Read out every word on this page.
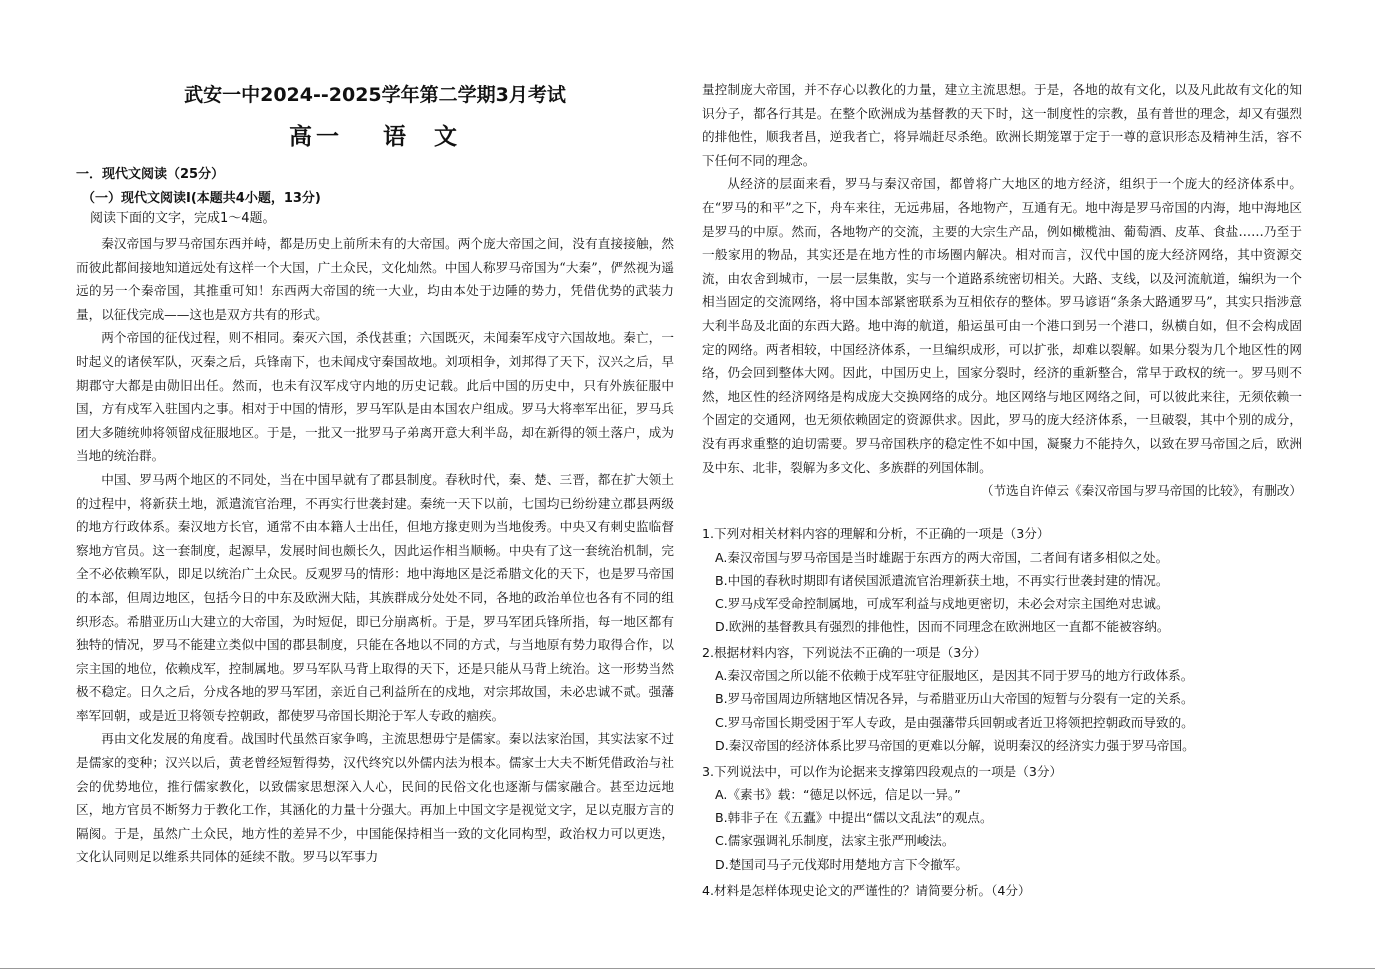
武安一中2024--2025学年第二学期3月考试
高一 语  文
一．现代文阅读（25分）
（一）现代文阅读Ⅰ(本题共4小题，13分)
阅读下面的文字，完成1～4题。

秦汉帝国与罗马帝国东西并峙，都是历史上前所未有的大帝国。两个庞大帝国之间，没有直接接触，然而彼此都间接地知道远处有这样一个大国，广土众民，文化灿然。中国人称罗马帝国为“大秦”，俨然视为遥远的另一个秦帝国，其推重可知！东西两大帝国的统一大业，均由本处于边陲的势力，凭借优势的武装力量，以征伐完成——这也是双方共有的形式。

两个帝国的征伐过程，则不相同。秦灭六国，杀伐甚重；六国既灭，未闻秦军戍守六国故地。秦亡，一时起义的诸侯军队，灭秦之后，兵锋南下，也未闻戍守秦国故地。刘项相争，刘邦得了天下，汉兴之后，早期郡守大都是由勋旧出任。然而，也未有汉军戍守内地的历史记载。此后中国的历史中，只有外族征服中国，方有戍军入驻国内之事。相对于中国的情形，罗马军队是由本国农户组成。罗马大将率军出征，罗马兵团大多随统帅将领留戍征服地区。于是，一批又一批罗马子弟离开意大利半岛，却在新得的领土落户，成为当地的统治群。

中国、罗马两个地区的不同处，当在中国早就有了郡县制度。春秋时代，秦、楚、三晋，都在扩大领土的过程中，将新获土地，派遣流官治理，不再实行世袭封建。秦统一天下以前，七国均已纷纷建立郡县两级的地方行政体系。秦汉地方长官，通常不由本籍人士出任，但地方掾吏则为当地俊秀。中央又有刺史监临督察地方官员。这一套制度，起源早，发展时间也颇长久，因此运作相当顺畅。中央有了这一套统治机制，完全不必依赖军队，即足以统治广土众民。反观罗马的情形：地中海地区是泛希腊文化的天下，也是罗马帝国的本部，但周边地区，包括今日的中东及欧洲大陆，其族群成分处处不同，各地的政治单位也各有不同的组织形态。希腊亚历山大建立的大帝国，为时短促，即已分崩离析。于是，罗马军团兵锋所指，每一地区都有独特的情况，罗马不能建立类似中国的郡县制度，只能在各地以不同的方式，与当地原有势力取得合作，以宗主国的地位，依赖戍军，控制属地。罗马军队马背上取得的天下，还是只能从马背上统治。这一形势当然极不稳定。日久之后，分戍各地的罗马军团，亲近自己利益所在的戍地，对宗邦故国，未必忠诚不贰。强藩率军回朝，或是近卫将领专控朝政，都使罗马帝国长期沦于军人专政的痼疾。

再由文化发展的角度看。战国时代虽然百家争鸣，主流思想毋宁是儒家。秦以法家治国，其实法家不过是儒家的变种；汉兴以后，黄老曾经短暂得势，汉代终究以外儒内法为根本。儒家士大夫不断凭借政治与社会的优势地位，推行儒家教化，以致儒家思想深入人心，民间的民俗文化也逐渐与儒家融合。甚至边远地区，地方官员不断努力于教化工作，其涵化的力量十分强大。再加上中国文字是视觉文字，足以克服方言的隔阂。于是，虽然广土众民，地方性的差异不少，中国能保持相当一致的文化同构型，政治权力可以更迭，文化认同则足以维系共同体的延续不散。罗马以军事力

量控制庞大帝国，并不存心以教化的力量，建立主流思想。于是，各地的故有文化，以及凡此故有文化的知识分子，都各行其是。在整个欧洲成为基督教的天下时，这一制度性的宗教，虽有普世的理念，却又有强烈的排他性，顺我者昌，逆我者亡，将异端赶尽杀绝。欧洲长期笼罩于定于一尊的意识形态及精神生活，容不下任何不同的理念。

从经济的层面来看，罗马与秦汉帝国，都曾将广大地区的地方经济，组织于一个庞大的经济体系中。在“罗马的和平”之下，舟车来往，无远弗届，各地物产，互通有无。地中海是罗马帝国的内海，地中海地区是罗马的中原。然而，各地物产的交流，主要的大宗生产品，例如橄榄油、葡萄酒、皮革、食盐……乃至于一般家用的物品，其实还是在地方性的市场圈内解决。相对而言，汉代中国的庞大经济网络，其中资源交流，由农舍到城市，一层一层集散，实与一个道路系统密切相关。大路、支线，以及河流航道，编织为一个相当固定的交流网络，将中国本部紧密联系为互相依存的整体。罗马谚语“条条大路通罗马”，其实只指涉意大利半岛及北面的东西大路。地中海的航道，船运虽可由一个港口到另一个港口，纵横自如，但不会构成固定的网络。两者相较，中国经济体系，一旦编织成形，可以扩张，却难以裂解。如果分裂为几个地区性的网络，仍会回到整体大网。因此，中国历史上，国家分裂时，经济的重新整合，常早于政权的统一。罗马则不然，地区性的经济网络是构成庞大交换网络的成分。地区网络与地区网络之间，可以彼此来往，无须依赖一个固定的交通网，也无须依赖固定的资源供求。因此，罗马的庞大经济体系，一旦破裂，其中个别的成分，没有再求重整的迫切需要。罗马帝国秩序的稳定性不如中国，凝聚力不能持久，以致在罗马帝国之后，欧洲及中东、北非，裂解为多文化、多族群的列国体制。

（节选自许倬云《秦汉帝国与罗马帝国的比较》，有删改）

1.下列对相关材料内容的理解和分析，不正确的一项是（3分）
A.秦汉帝国与罗马帝国是当时雄踞于东西方的两大帝国，二者间有诸多相似之处。
B.中国的春秋时期即有诸侯国派遣流官治理新获土地，不再实行世袭封建的情况。
C.罗马戍军受命控制属地，可成军利益与戍地更密切，未必会对宗主国绝对忠诚。
D.欧洲的基督教具有强烈的排他性，因而不同理念在欧洲地区一直都不能被容纳。
2.根据材料内容，下列说法不正确的一项是（3分）
A.秦汉帝国之所以能不依赖于戍军驻守征服地区，是因其不同于罗马的地方行政体系。
B.罗马帝国周边所辖地区情况各异，与希腊亚历山大帝国的短暂与分裂有一定的关系。
C.罗马帝国长期受困于军人专政，是由强藩带兵回朝或者近卫将领把控朝政而导致的。
D.秦汉帝国的经济体系比罗马帝国的更难以分解，说明秦汉的经济实力强于罗马帝国。
3.下列说法中，可以作为论据来支撑第四段观点的一项是（3分）
A.《素书》载：“德足以怀远，信足以一异。”
B.韩非子在《五蠹》中提出“儒以文乱法”的观点。
C.儒家强调礼乐制度，法家主张严刑峻法。
D.楚国司马子元伐郑时用楚地方言下令撤军。
4.材料是怎样体现史论文的严谨性的？请简要分析。（4分）
